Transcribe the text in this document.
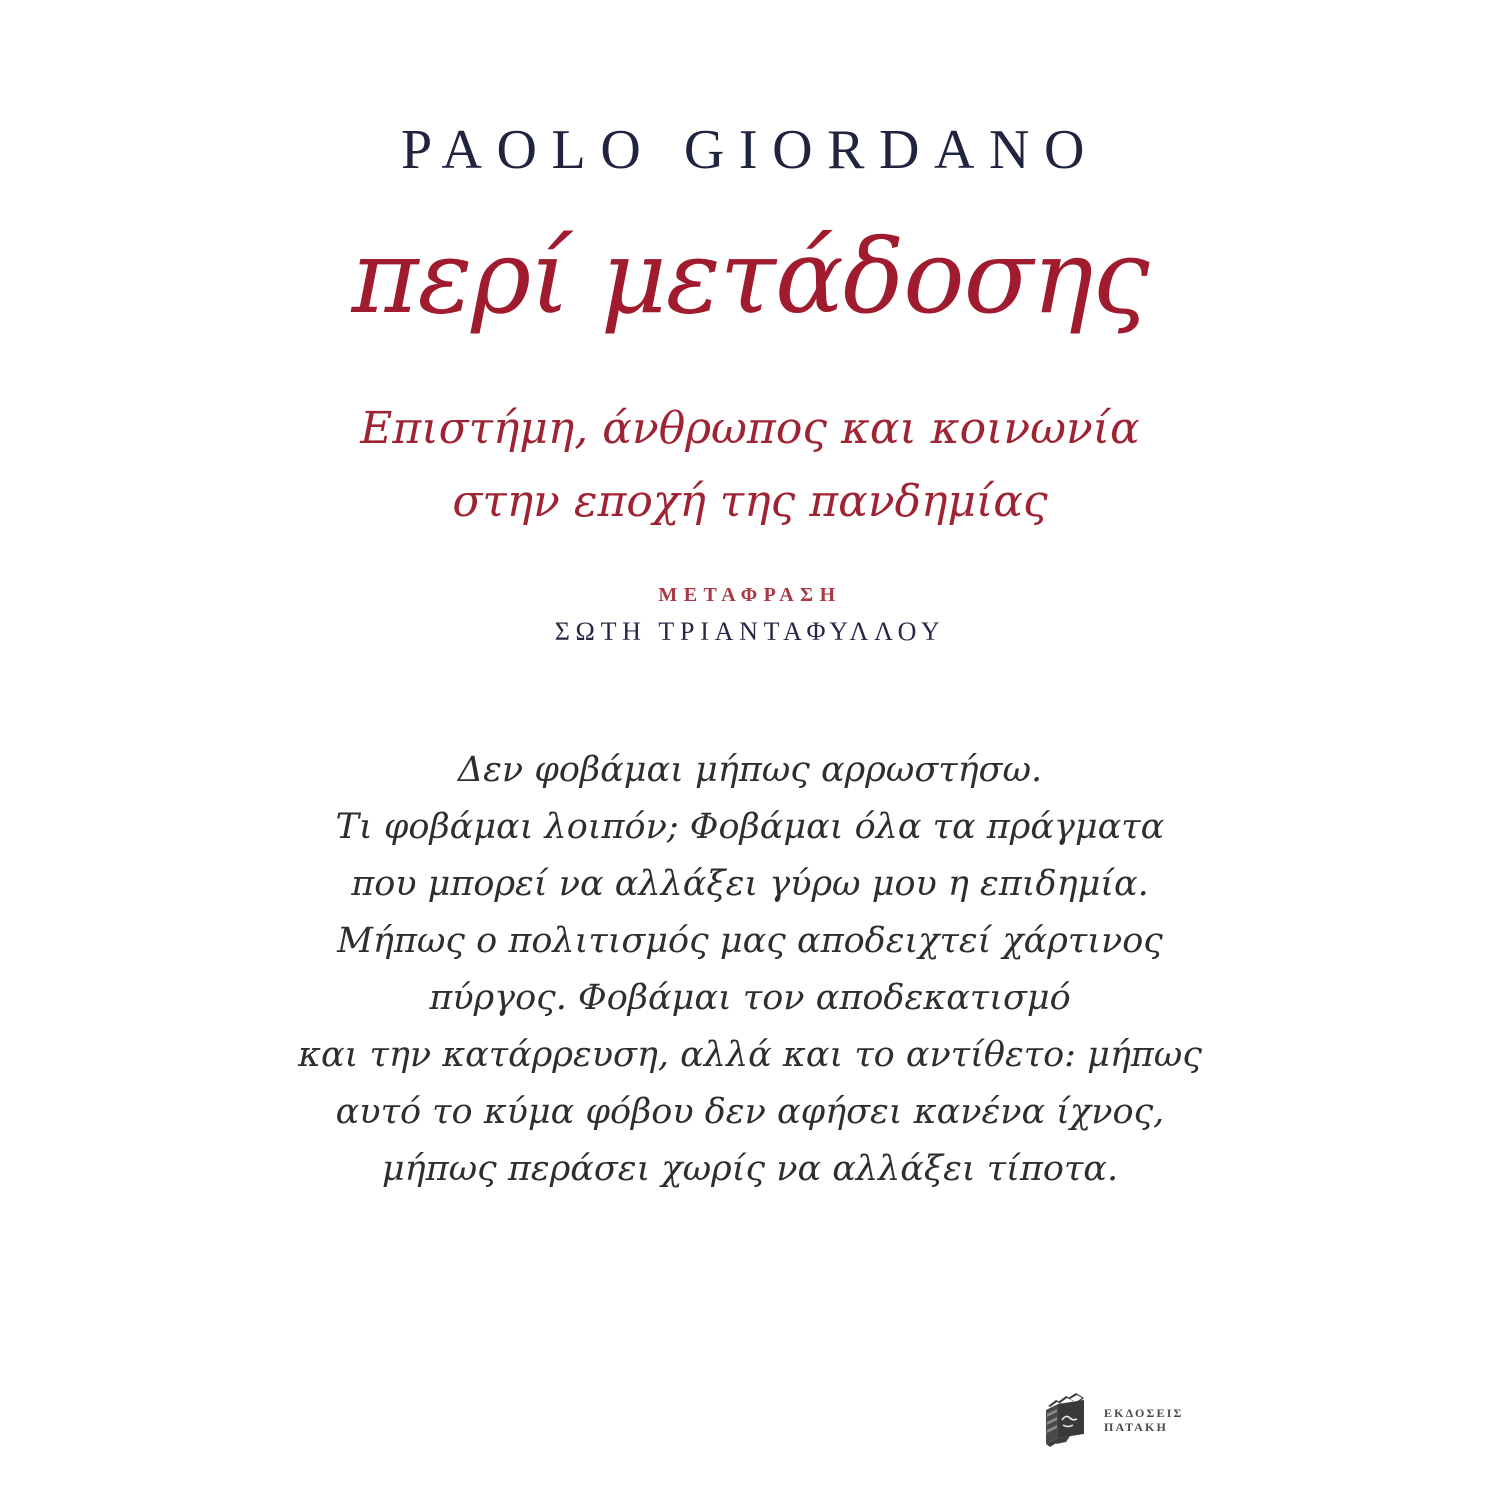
PAOLO GIORDANO
περί μετάδοσης
Επιστήμη, άνθρωπος και κοινωνία
στην εποχή της πανδημίας
ΜΕΤΑΦΡΑΣΗ
ΣΩΤΗ ΤΡΙΑΝΤΑΦΥΛΛΟΥ
Δεν φοβάμαι μήπως αρρωστήσω.
Τι φοβάμαι λοιπόν; Φοβάμαι όλα τα πράγματα
που μπορεί να αλλάξει γύρω μου η επιδημία.
Μήπως ο πολιτισμός μας αποδειχτεί χάρτινος
πύργος. Φοβάμαι τον αποδεκατισμό
και την κατάρρευση, αλλά και το αντίθετο: μήπως
αυτό το κύμα φόβου δεν αφήσει κανένα ίχνος,
μήπως περάσει χωρίς να αλλάξει τίποτα.
ΕΚΔΟΣΕΙΣ
ΠΑΤΑΚΗ
